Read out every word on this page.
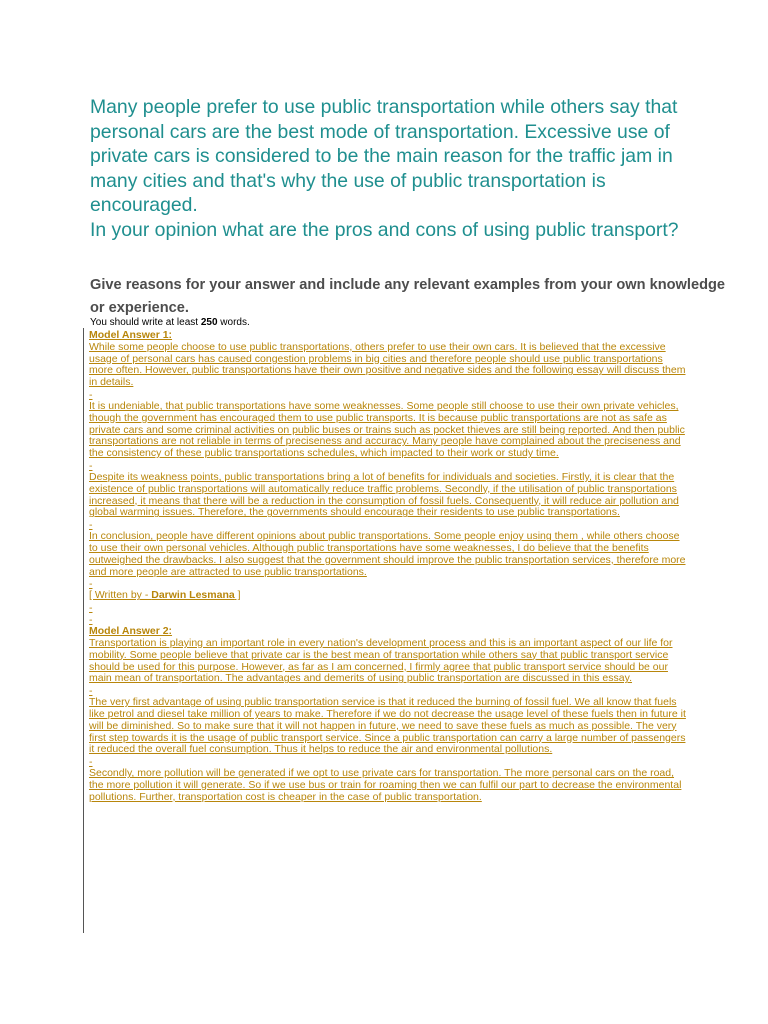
Many people prefer to use public transportation while others say that personal cars are the best mode of transportation. Excessive use of private cars is considered to be the main reason for the traffic jam in many cities and that's why the use of public transportation is encouraged.

In your opinion what are the pros and cons of using public transport?

Give reasons for your answer and include any relevant examples from your own knowledge or experience.
You should write at least 250 words.
Model Answer 1:

While some people choose to use public transportations, others prefer to use their own cars. It is believed that the excessive usage of personal cars has caused congestion problems in big cities and therefore people should use public transportations more often. However, public transportations have their own positive and negative sides and the following essay will discuss them in details.

-

It is undeniable, that public transportations have some weaknesses. Some people still choose to use their own private vehicles, though the government has encouraged them to use public transports. It is because public transportations are not as safe as private cars and some criminal activities on public buses or trains such as pocket thieves are still being reported. And then public transportations are not reliable in terms of preciseness and accuracy. Many people have complained about the preciseness and the consistency of these public transportations schedules, which impacted to their work or study time.

-

Despite its weakness points, public transportations bring a lot of benefits for individuals and societies. Firstly, it is clear that the existence of public transportations will automatically reduce traffic problems. Secondly, if the utilisation of public transportations increased, it means that there will be a reduction in the consumption of fossil fuels. Consequently, it will reduce air pollution and global warming issues. Therefore, the governments should encourage their residents to use public transportations.

-

In conclusion, people have different opinions about public transportations. Some people enjoy using them , while others choose to use their own personal vehicles. Although public transportations have some weaknesses, I do believe that the benefits outweighed the drawbacks. I also suggest that the government should improve the public transportation services, therefore more and more people are attracted to use public transportations.

-
[ Written by - Darwin Lesmana ]
-
-
Model Answer 2:

Transportation is playing an important role in every nation's development process and this is an important aspect of our life for mobility. Some people believe that private car is the best mean of transportation while others say that public transport service should be used for this purpose. However, as far as I am concerned, I firmly agree that public transport service should be our main mean of transportation. The advantages and demerits of using public transportation are discussed in this essay.

-

The very first advantage of using public transportation service is that it reduced the burning of fossil fuel. We all know that fuels like petrol and diesel take million of years to make. Therefore if we do not decrease the usage level of these fuels then in future it will be diminished. So to make sure that it will not happen in future, we need to save these fuels as much as possible. The very first step towards it is the usage of public transport service. Since a public transportation can carry a large number of passengers it reduced the overall fuel consumption. Thus it helps to reduce the air and environmental pollutions.

-

Secondly, more pollution will be generated if we opt to use private cars for transportation. The more personal cars on the road, the more pollution it will generate. So if we use bus or train for roaming then we can fulfil our part to decrease the environmental pollutions. Further, transportation cost is cheaper in the case of public transportation.
